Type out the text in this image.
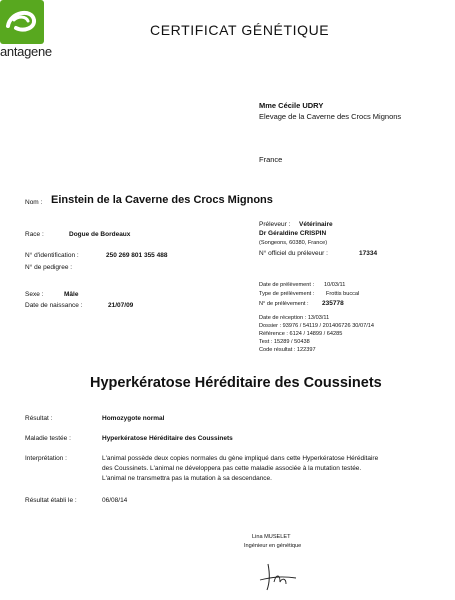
antagene
CERTIFICAT GÉNÉTIQUE
Mme Cécile UDRY
Elevage de la Caverne des Crocs Mignons
France
Nom : Einstein de la Caverne des Crocs Mignons
Race :	Dogue de Bordeaux
N° d'identification :	250 269 801 355 488
N° de pedigree :
Sexe :	Mâle
Date de naissance :	21/07/09
Préleveur : Vétérinaire
Dr Géraldine CRISPIN
(Songeons, 60380, France)
N° officiel du préleveur :	17334
Date de prélèvement : 10/03/11
Type de prélèvement : Frottis buccal
N° de prélèvement : 235778
Date de réception : 13/03/11
Dossier : 93976 / 54119 / 201406726 30/07/14
Référence : 6124 / 14899 / 64285
Test : 15289 / 50438
Code résultat : 122397
Hyperkératose Héréditaire des Coussinets
Résultat :	Homozygote normal
Maladie testée :	Hyperkératose Héréditaire des Coussinets
Interprétation :	L'animal possède deux copies normales du gène impliqué dans cette Hyperkératose Héréditaire
des Coussinets. L'animal ne développera pas cette maladie associée à la mutation testée.
L'animal ne transmettra pas la mutation à sa descendance.
Résultat établi le :	06/08/14
Lina MUSELET
Ingénieur en génétique
